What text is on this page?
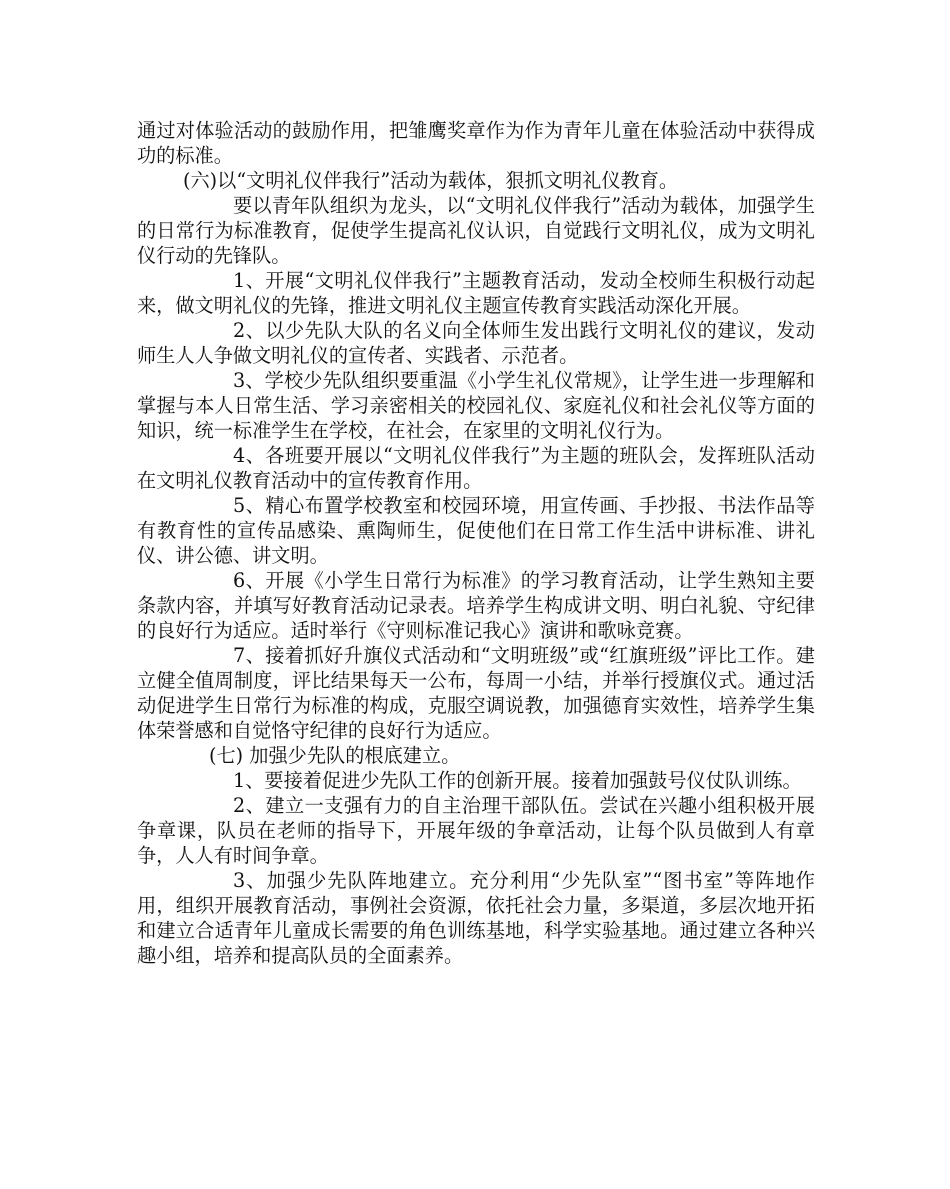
通过对体验活动的鼓励作用，把雏鹰奖章作为作为青年儿童在体验活动中获得成功的标准。

(六)以“文明礼仪伴我行”活动为载体，狠抓文明礼仪教育。

要以青年队组织为龙头，以“文明礼仪伴我行”活动为载体，加强学生的日常行为标准教育，促使学生提高礼仪认识，自觉践行文明礼仪，成为文明礼仪行动的先锋队。

1、开展“文明礼仪伴我行”主题教育活动，发动全校师生积极行动起来，做文明礼仪的先锋，推进文明礼仪主题宣传教育实践活动深化开展。

2、以少先队大队的名义向全体师生发出践行文明礼仪的建议，发动师生人人争做文明礼仪的宣传者、实践者、示范者。

3、学校少先队组织要重温《小学生礼仪常规》，让学生进一步理解和掌握与本人日常生活、学习亲密相关的校园礼仪、家庭礼仪和社会礼仪等方面的知识，统一标准学生在学校，在社会，在家里的文明礼仪行为。

4、各班要开展以“文明礼仪伴我行”为主题的班队会，发挥班队活动在文明礼仪教育活动中的宣传教育作用。

5、精心布置学校教室和校园环境，用宣传画、手抄报、书法作品等有教育性的宣传品感染、熏陶师生，促使他们在日常工作生活中讲标准、讲礼仪、讲公德、讲文明。

6、开展《小学生日常行为标准》的学习教育活动，让学生熟知主要条款内容，并填写好教育活动记录表。培养学生构成讲文明、明白礼貌、守纪律的良好行为适应。适时举行《守则标准记我心》演讲和歌咏竞赛。

7、接着抓好升旗仪式活动和“文明班级”或“红旗班级”评比工作。建立健全值周制度，评比结果每天一公布，每周一小结，并举行授旗仪式。通过活动促进学生日常行为标准的构成，克服空调说教，加强德育实效性，培养学生集体荣誉感和自觉恪守纪律的良好行为适应。

(七) 加强少先队的根底建立。

1、要接着促进少先队工作的创新开展。接着加强鼓号仪仗队训练。

2、建立一支强有力的自主治理干部队伍。尝试在兴趣小组积极开展争章课，队员在老师的指导下，开展年级的争章活动，让每个队员做到人有章争，人人有时间争章。

3、加强少先队阵地建立。充分利用“少先队室”“图书室”等阵地作用，组织开展教育活动，事例社会资源，依托社会力量，多渠道，多层次地开拓和建立合适青年儿童成长需要的角色训练基地，科学实验基地。通过建立各种兴趣小组，培养和提高队员的全面素养。
